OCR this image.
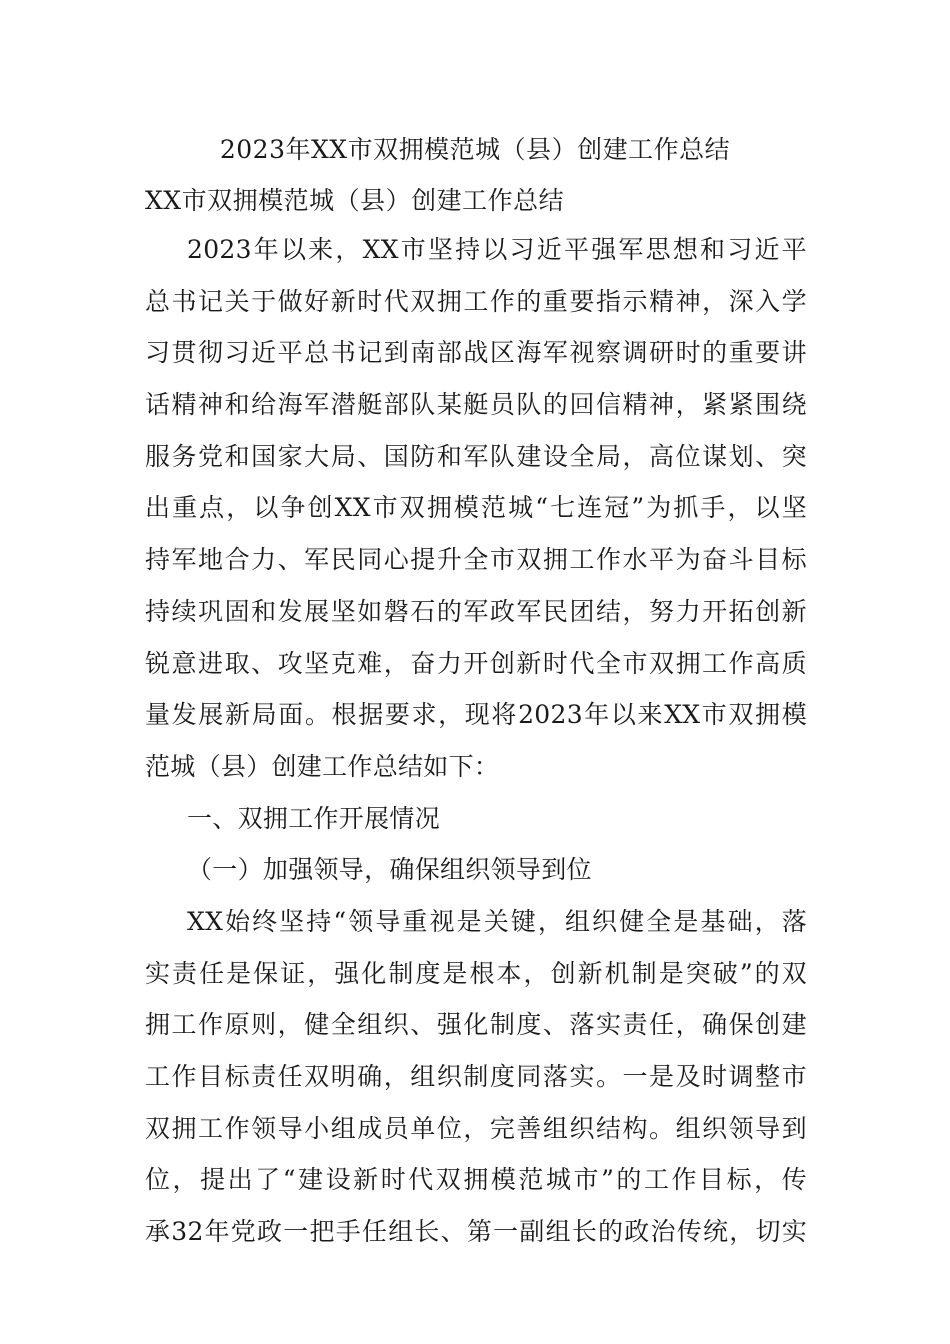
2023年XX市双拥模范城（县）创建工作总结

XX市双拥模范城（县）创建工作总结

2023年以来，XX市坚持以习近平强军思想和习近平
总书记关于做好新时代双拥工作的重要指示精神，深入学
习贯彻习近平总书记到南部战区海军视察调研时的重要讲
话精神和给海军潜艇部队某艇员队的回信精神，紧紧围绕
服务党和国家大局、国防和军队建设全局，高位谋划、突
出重点，以争创XX市双拥模范城“七连冠”为抓手，以坚
持军地合力、军民同心提升全市双拥工作水平为奋斗目标
持续巩固和发展坚如磐石的军政军民团结，努力开拓创新
锐意进取、攻坚克难，奋力开创新时代全市双拥工作高质
量发展新局面。根据要求，现将2023年以来XX市双拥模
范城（县）创建工作总结如下：
一、双拥工作开展情况
（一）加强领导，确保组织领导到位
XX始终坚持“领导重视是关键，组织健全是基础，落
实责任是保证，强化制度是根本，创新机制是突破”的双
拥工作原则，健全组织、强化制度、落实责任，确保创建
工作目标责任双明确，组织制度同落实。一是及时调整市
双拥工作领导小组成员单位，完善组织结构。组织领导到
位，提出了“建设新时代双拥模范城市”的工作目标，传
承32年党政一把手任组长、第一副组长的政治传统，切实
